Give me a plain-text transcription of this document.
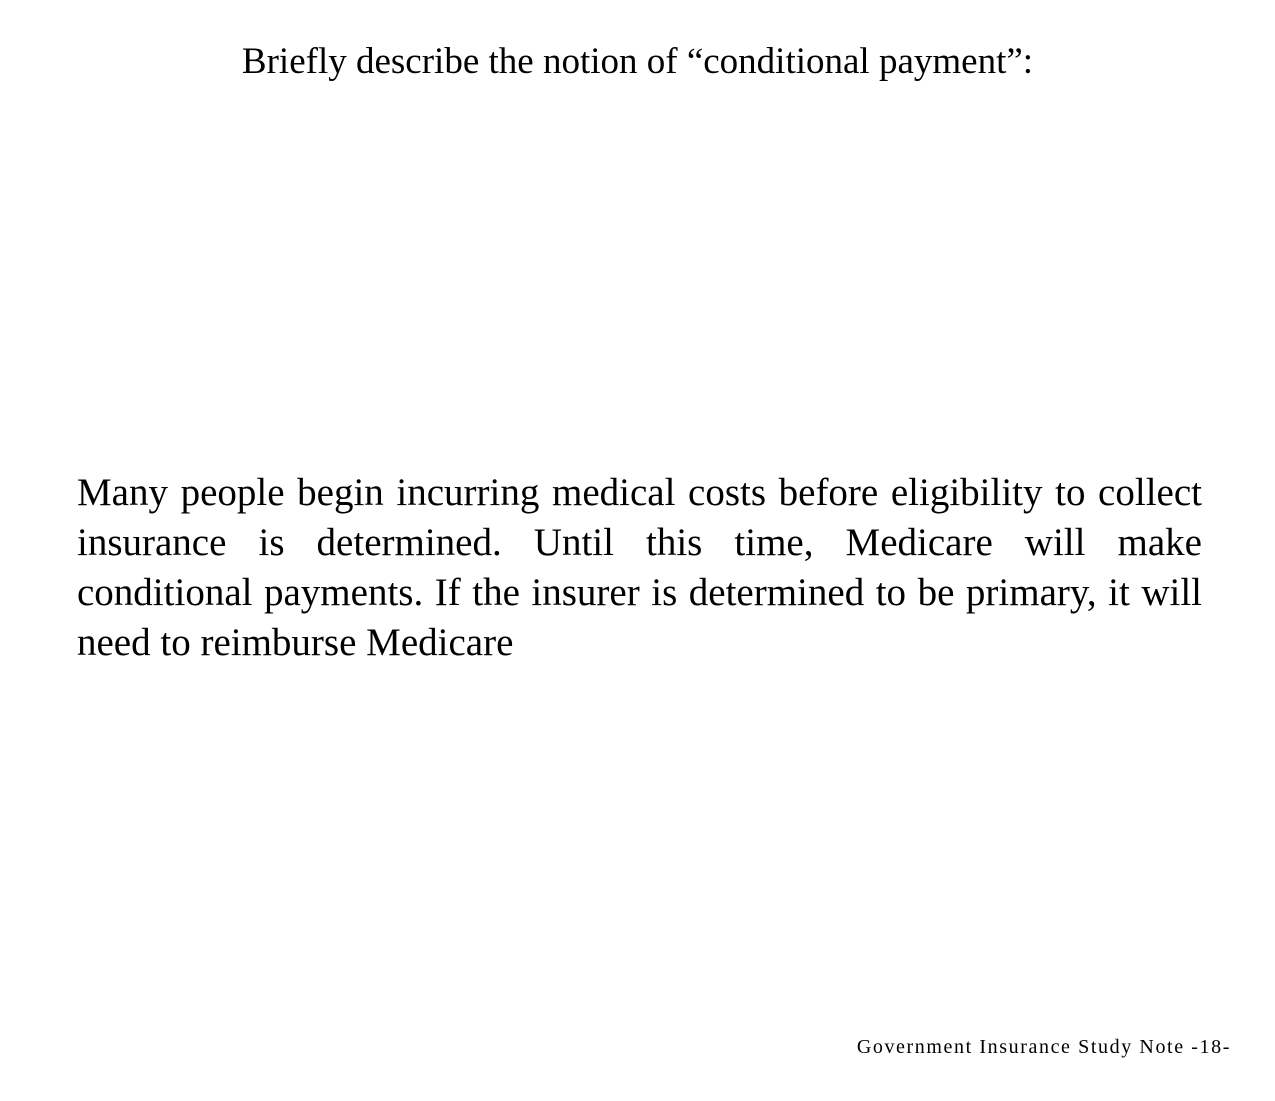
Briefly describe the notion of “conditional payment”:

Many people begin incurring medical costs before eligibility to collect insurance is determined. Until this time, Medicare will make conditional payments. If the insurer is determined to be primary, it will need to reimburse Medicare

Government Insurance Study Note -18-
